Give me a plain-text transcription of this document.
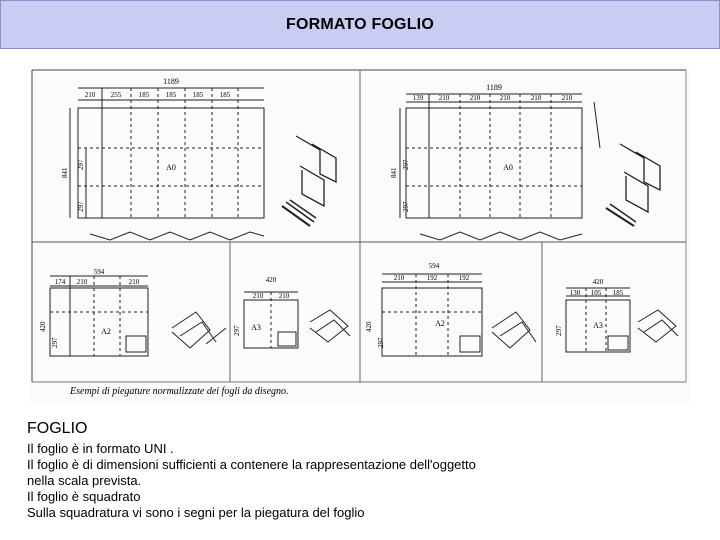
FORMATO FOGLIO
1189
210 255	185 185 185 185
A0
841
297
297
1189
139 210	210	210	210	210
A0
841
297
297
594
174 210	210
A2
420
297
420
210 210
A3
297
594
210	192	192
A2
420
297
420
130 105 185
A3
297
Esempi di piegature normalizzate dei fogli da disegno.
FOGLIO
Il foglio è in formato UNI .
Il foglio è di dimensioni sufficienti a contenere la rappresentazione dell'oggetto
nella scala prevista.
Il foglio è squadrato
Sulla squadratura vi sono i segni per la piegatura del foglio
